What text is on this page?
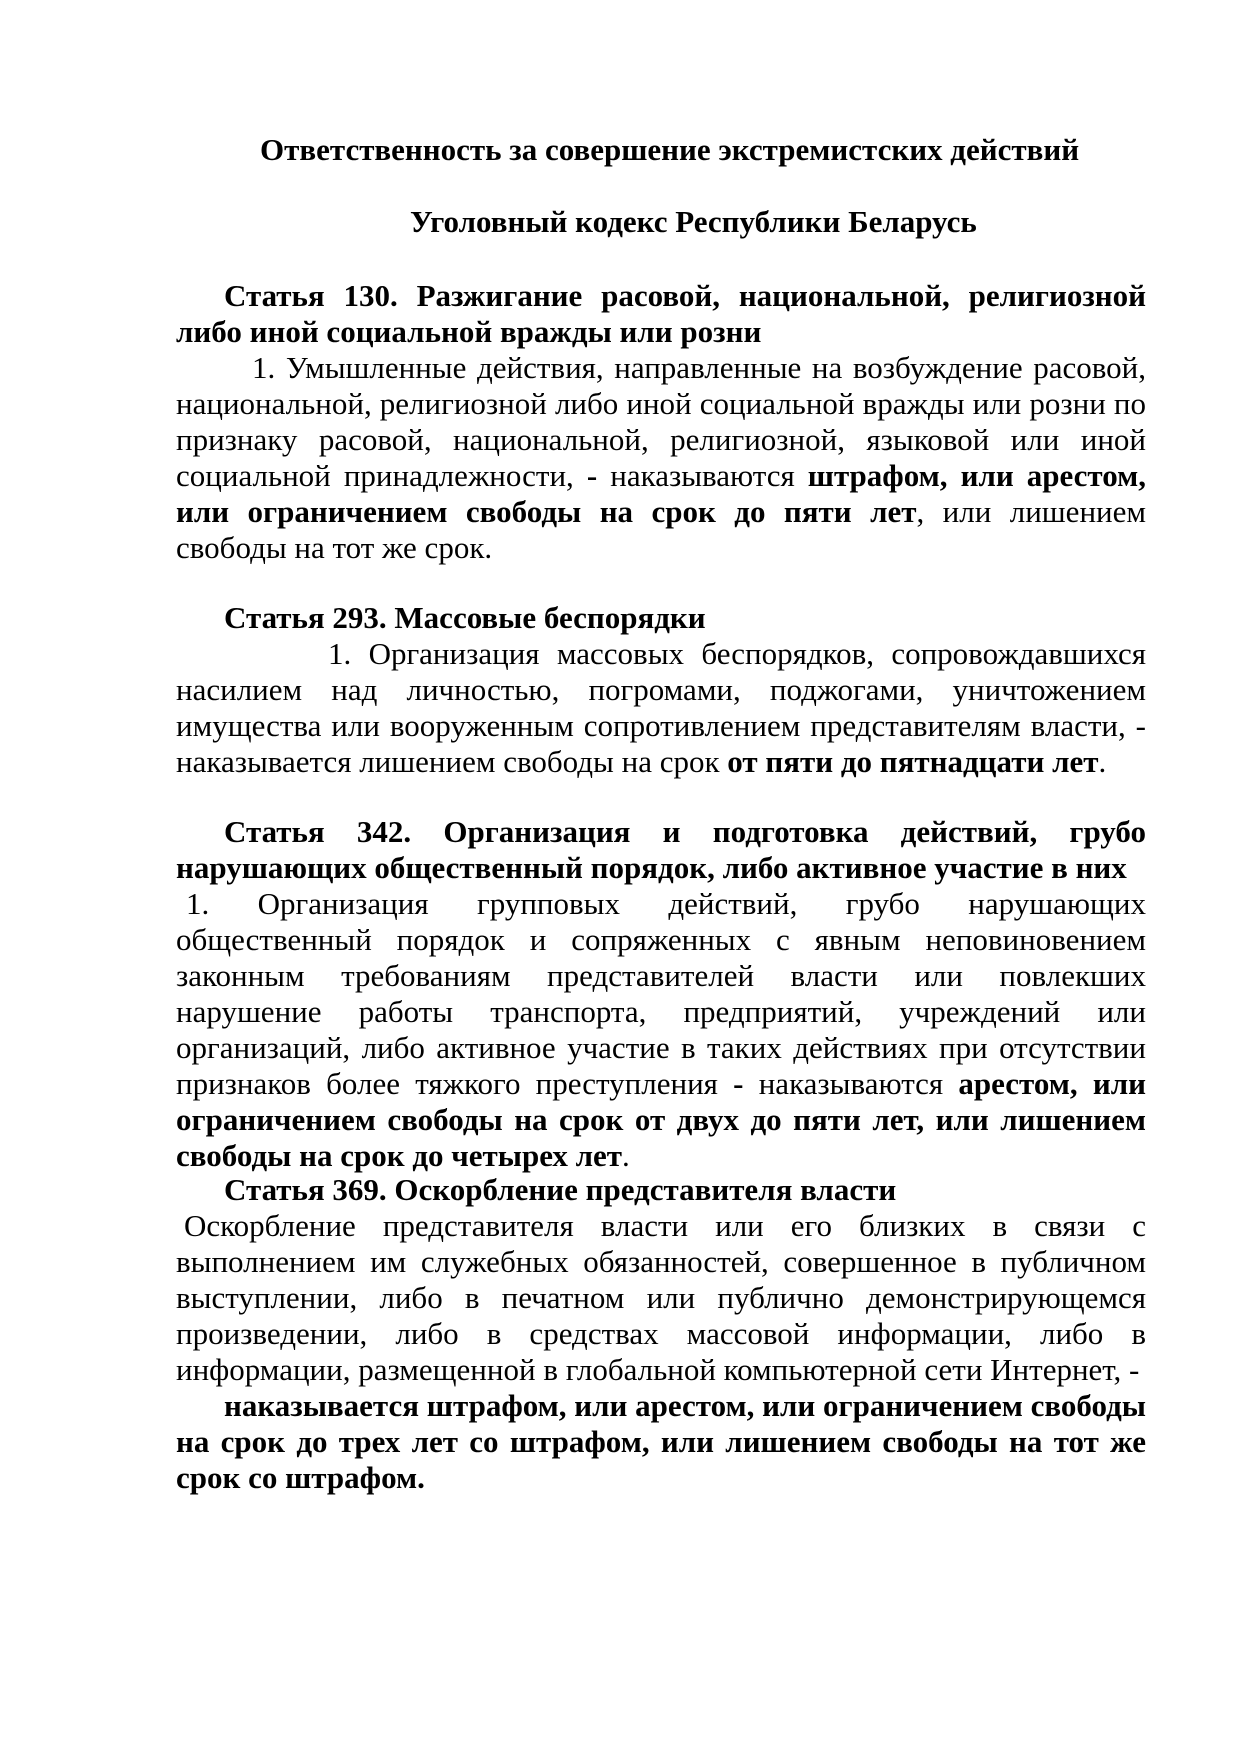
Ответственность за совершение экстремистских действий
Уголовный кодекс Республики Беларусь
Статья 130. Разжигание расовой, национальной, религиозной либо иной социальной вражды или розни
1. Умышленные действия, направленные на возбуждение расовой, национальной, религиозной либо иной социальной вражды или розни по признаку расовой, национальной, религиозной, языковой или иной социальной принадлежности, - наказываются штрафом, или арестом, или ограничением свободы на срок до пяти лет, или лишением свободы на тот же срок.
Статья 293. Массовые беспорядки
1. Организация массовых беспорядков, сопровождавшихся насилием над личностью, погромами, поджогами, уничтожением имущества или вооруженным сопротивлением представителям власти, - наказывается лишением свободы на срок от пяти до пятнадцати лет.
Статья 342. Организация и подготовка действий, грубо нарушающих общественный порядок, либо активное участие в них
1. Организация групповых действий, грубо нарушающих общественный порядок и сопряженных с явным неповиновением законным требованиям представителей власти или повлекших нарушение работы транспорта, предприятий, учреждений или организаций, либо активное участие в таких действиях при отсутствии признаков более тяжкого преступления - наказываются арестом, или ограничением свободы на срок от двух до пяти лет, или лишением свободы на срок до четырех лет.
Статья 369. Оскорбление представителя власти
Оскорбление представителя власти или его близких в связи с выполнением им служебных обязанностей, совершенное в публичном выступлении, либо в печатном или публично демонстрирующемся произведении, либо в средствах массовой информации, либо в информации, размещенной в глобальной компьютерной сети Интернет, -
наказывается штрафом, или арестом, или ограничением свободы на срок до трех лет со штрафом, или лишением свободы на тот же срок со штрафом.
